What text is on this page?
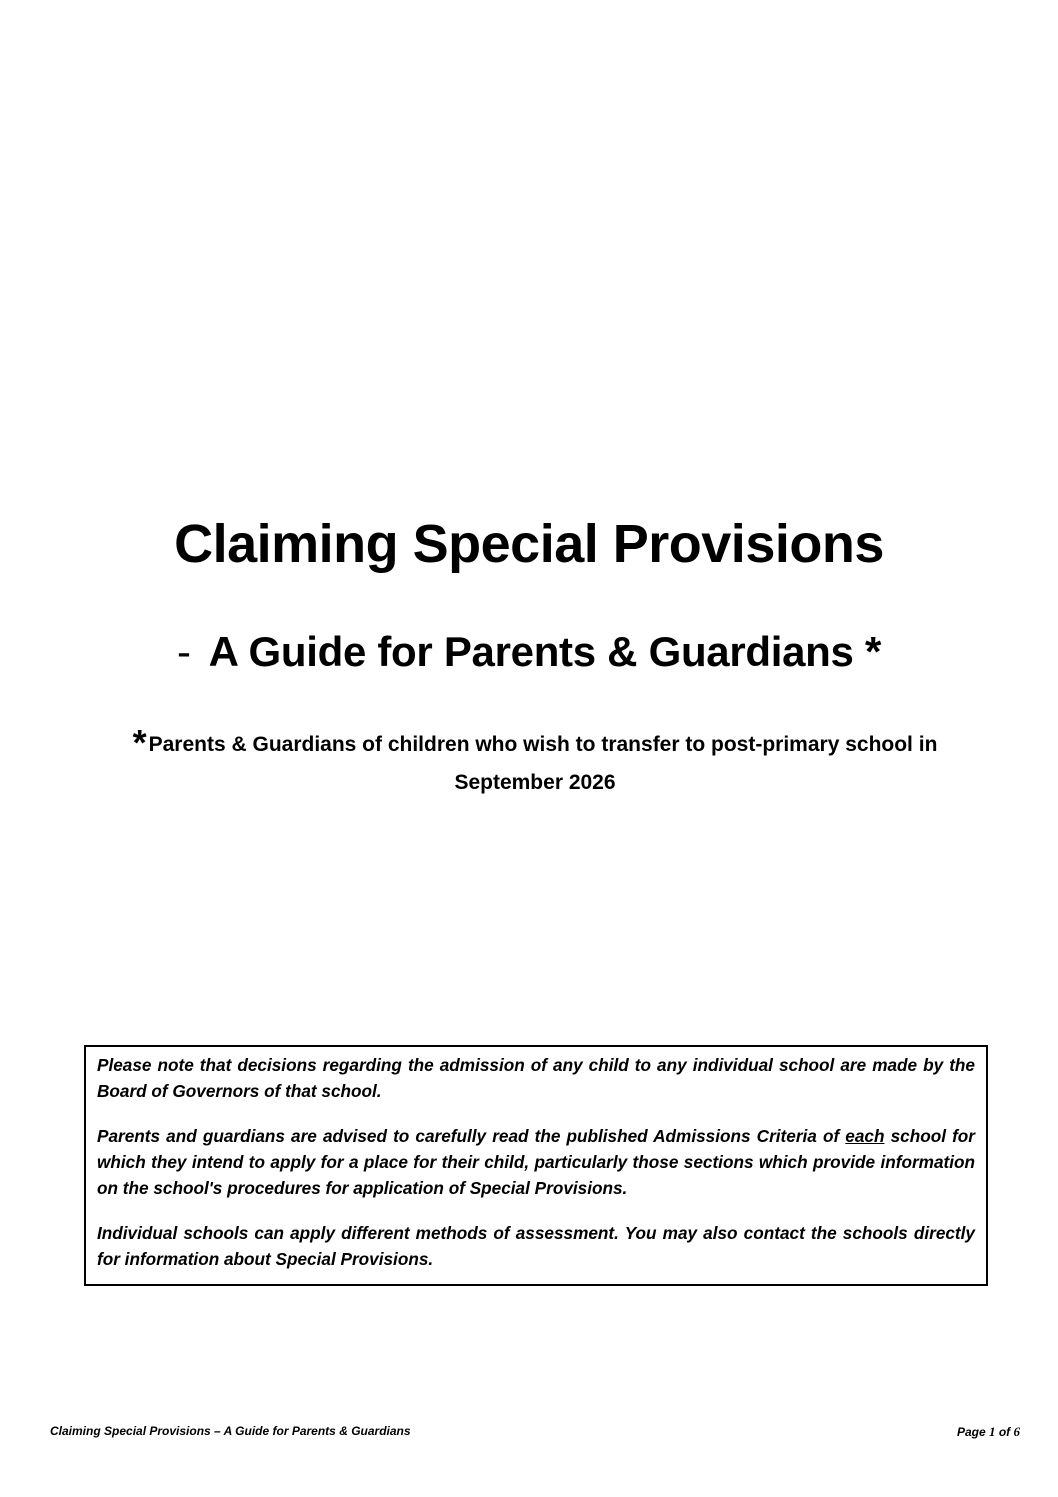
Claiming Special Provisions
- A Guide for Parents & Guardians *
*Parents & Guardians of children who wish to transfer to post-primary school in
September 2026

Please note that decisions regarding the admission of any child to any individual school are made by the Board of Governors of that school.

Parents and guardians are advised to carefully read the published Admissions Criteria of each school for which they intend to apply for a place for their child, particularly those sections which provide information on the school's procedures for application of Special Provisions.

Individual schools can apply different methods of assessment. You may also contact the schools directly for information about Special Provisions.

Claiming Special Provisions – A Guide for Parents & Guardians	Page 1 of 6
